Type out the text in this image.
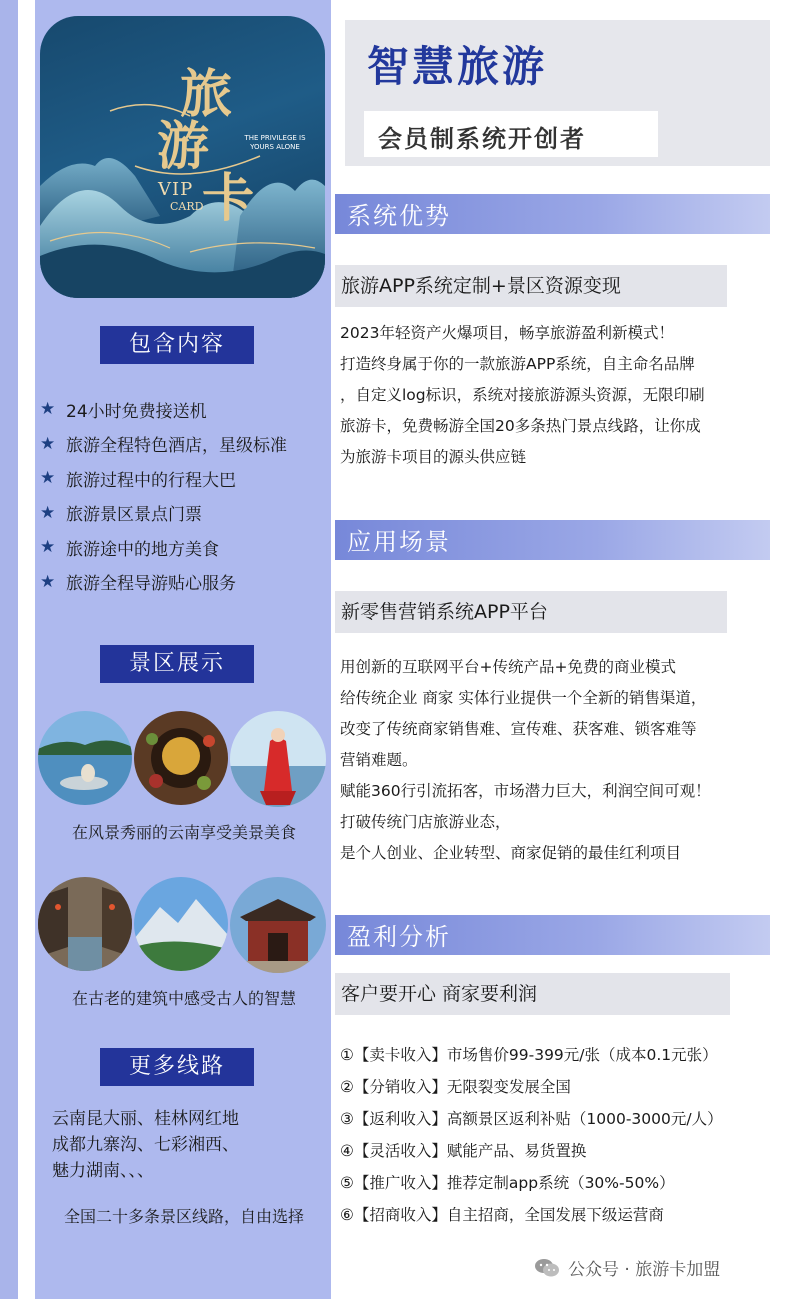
旅
游
卡
VIP
CARD
THE PRIVILEGE IS YOURS ALONE
包含内容
★ 24小时免费接送机
★ 旅游全程特色酒店，星级标准
★ 旅游过程中的行程大巴
★ 旅游景区景点门票
★ 旅游途中的地方美食
★ 旅游全程导游贴心服务
景区展示
在风景秀丽的云南享受美景美食
在古老的建筑中感受古人的智慧
更多线路
云南昆大丽、桂林网红地
成都九寨沟、七彩湘西、
魅力湖南、、、
全国二十多条景区线路，自由选择
智慧旅游
会员制系统开创者
系统优势
旅游APP系统定制+景区资源变现
2023年轻资产火爆项目，畅享旅游盈利新模式！
打造终身属于你的一款旅游APP系统，自主命名品牌
，自定义log标识，系统对接旅游源头资源，无限印刷
旅游卡，免费畅游全国20多条热门景点线路，让你成
为旅游卡项目的源头供应链
应用场景
新零售营销系统APP平台
用创新的互联网平台+传统产品+免费的商业模式
给传统企业 商家 实体行业提供一个全新的销售渠道，
改变了传统商家销售难、宣传难、获客难、锁客难等
营销难题。
赋能360行引流拓客，市场潜力巨大，利润空间可观！
打破传统门店旅游业态，
是个人创业、企业转型、商家促销的最佳红利项目
盈利分析
客户要开心 商家要利润
①【卖卡收入】市场售价99-399元/张（成本0.1元张）
②【分销收入】无限裂变发展全国
③【返利收入】高额景区返利补贴（1000-3000元/人）
④【灵活收入】赋能产品、易货置换
⑤【推广收入】推荐定制app系统（30%-50%）
⑥【招商收入】自主招商，全国发展下级运营商
公众号 · 旅游卡加盟
